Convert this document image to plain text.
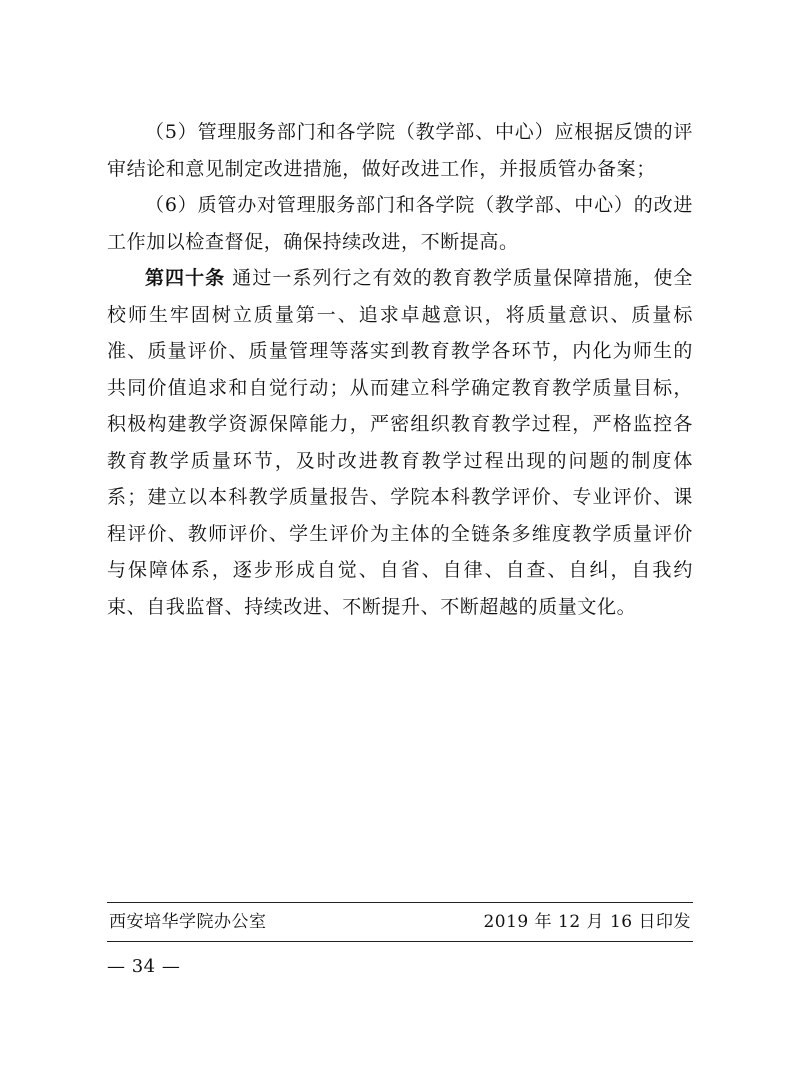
（5）管理服务部门和各学院（教学部、中心）应根据反馈的评审结论和意见制定改进措施，做好改进工作，并报质管办备案；

（6）质管办对管理服务部门和各学院（教学部、中心）的改进工作加以检查督促，确保持续改进，不断提高。

第四十条 通过一系列行之有效的教育教学质量保障措施，使全校师生牢固树立质量第一、追求卓越意识，将质量意识、质量标准、质量评价、质量管理等落实到教育教学各环节，内化为师生的共同价值追求和自觉行动；从而建立科学确定教育教学质量目标，积极构建教学资源保障能力，严密组织教育教学过程，严格监控各教育教学质量环节，及时改进教育教学过程出现的问题的制度体系；建立以本科教学质量报告、学院本科教学评价、专业评价、课程评价、教师评价、学生评价为主体的全链条多维度教学质量评价与保障体系，逐步形成自觉、自省、自律、自查、自纠，自我约束、自我监督、持续改进、不断提升、不断超越的质量文化。

西安培华学院办公室	2019 年 12 月 16 日印发
— 34 —
